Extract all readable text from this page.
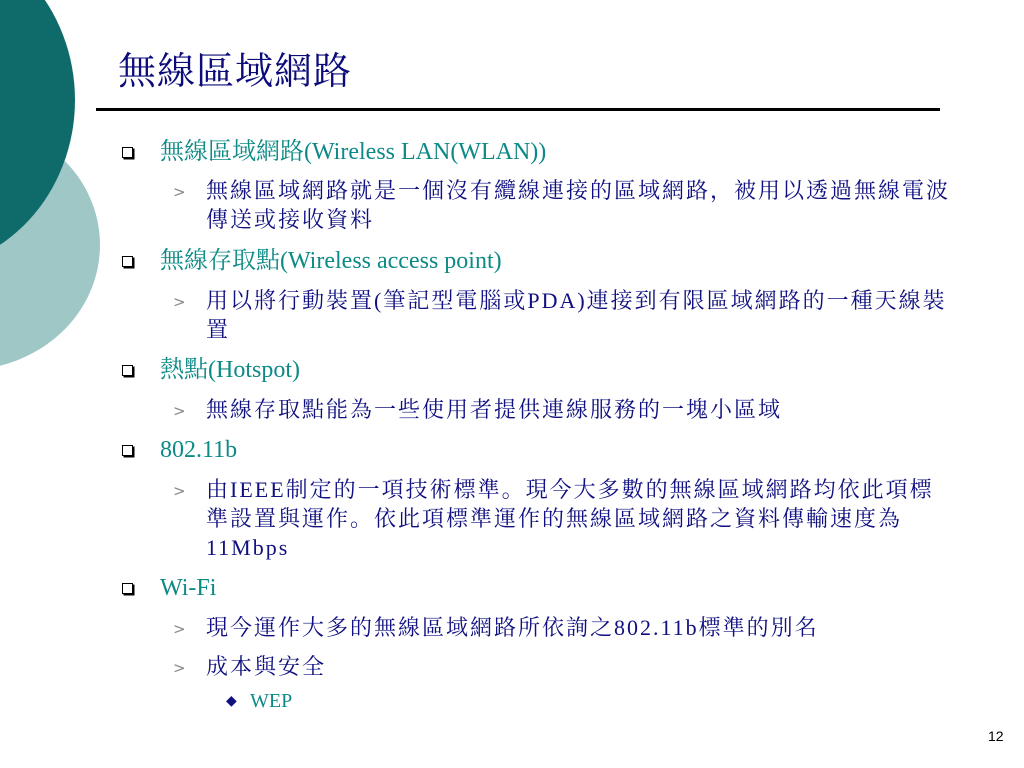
無線區域網路
無線區域網路(Wireless LAN(WLAN))
> 無線區域網路就是一個沒有纜線連接的區域網路，被用以透過無線電波傳送或接收資料
無線存取點(Wireless access point)
> 用以將行動裝置(筆記型電腦或PDA)連接到有限區域網路的一種天線裝置
熱點(Hotspot)
> 無線存取點能為一些使用者提供連線服務的一塊小區域
802.11b
> 由IEEE制定的一項技術標準。現今大多數的無線區域網路均依此項標準設置與運作。依此項標準運作的無線區域網路之資料傳輸速度為11Mbps
Wi-Fi
> 現今運作大多的無線區域網路所依詢之802.11b標準的別名
> 成本與安全
◆ WEP
12
